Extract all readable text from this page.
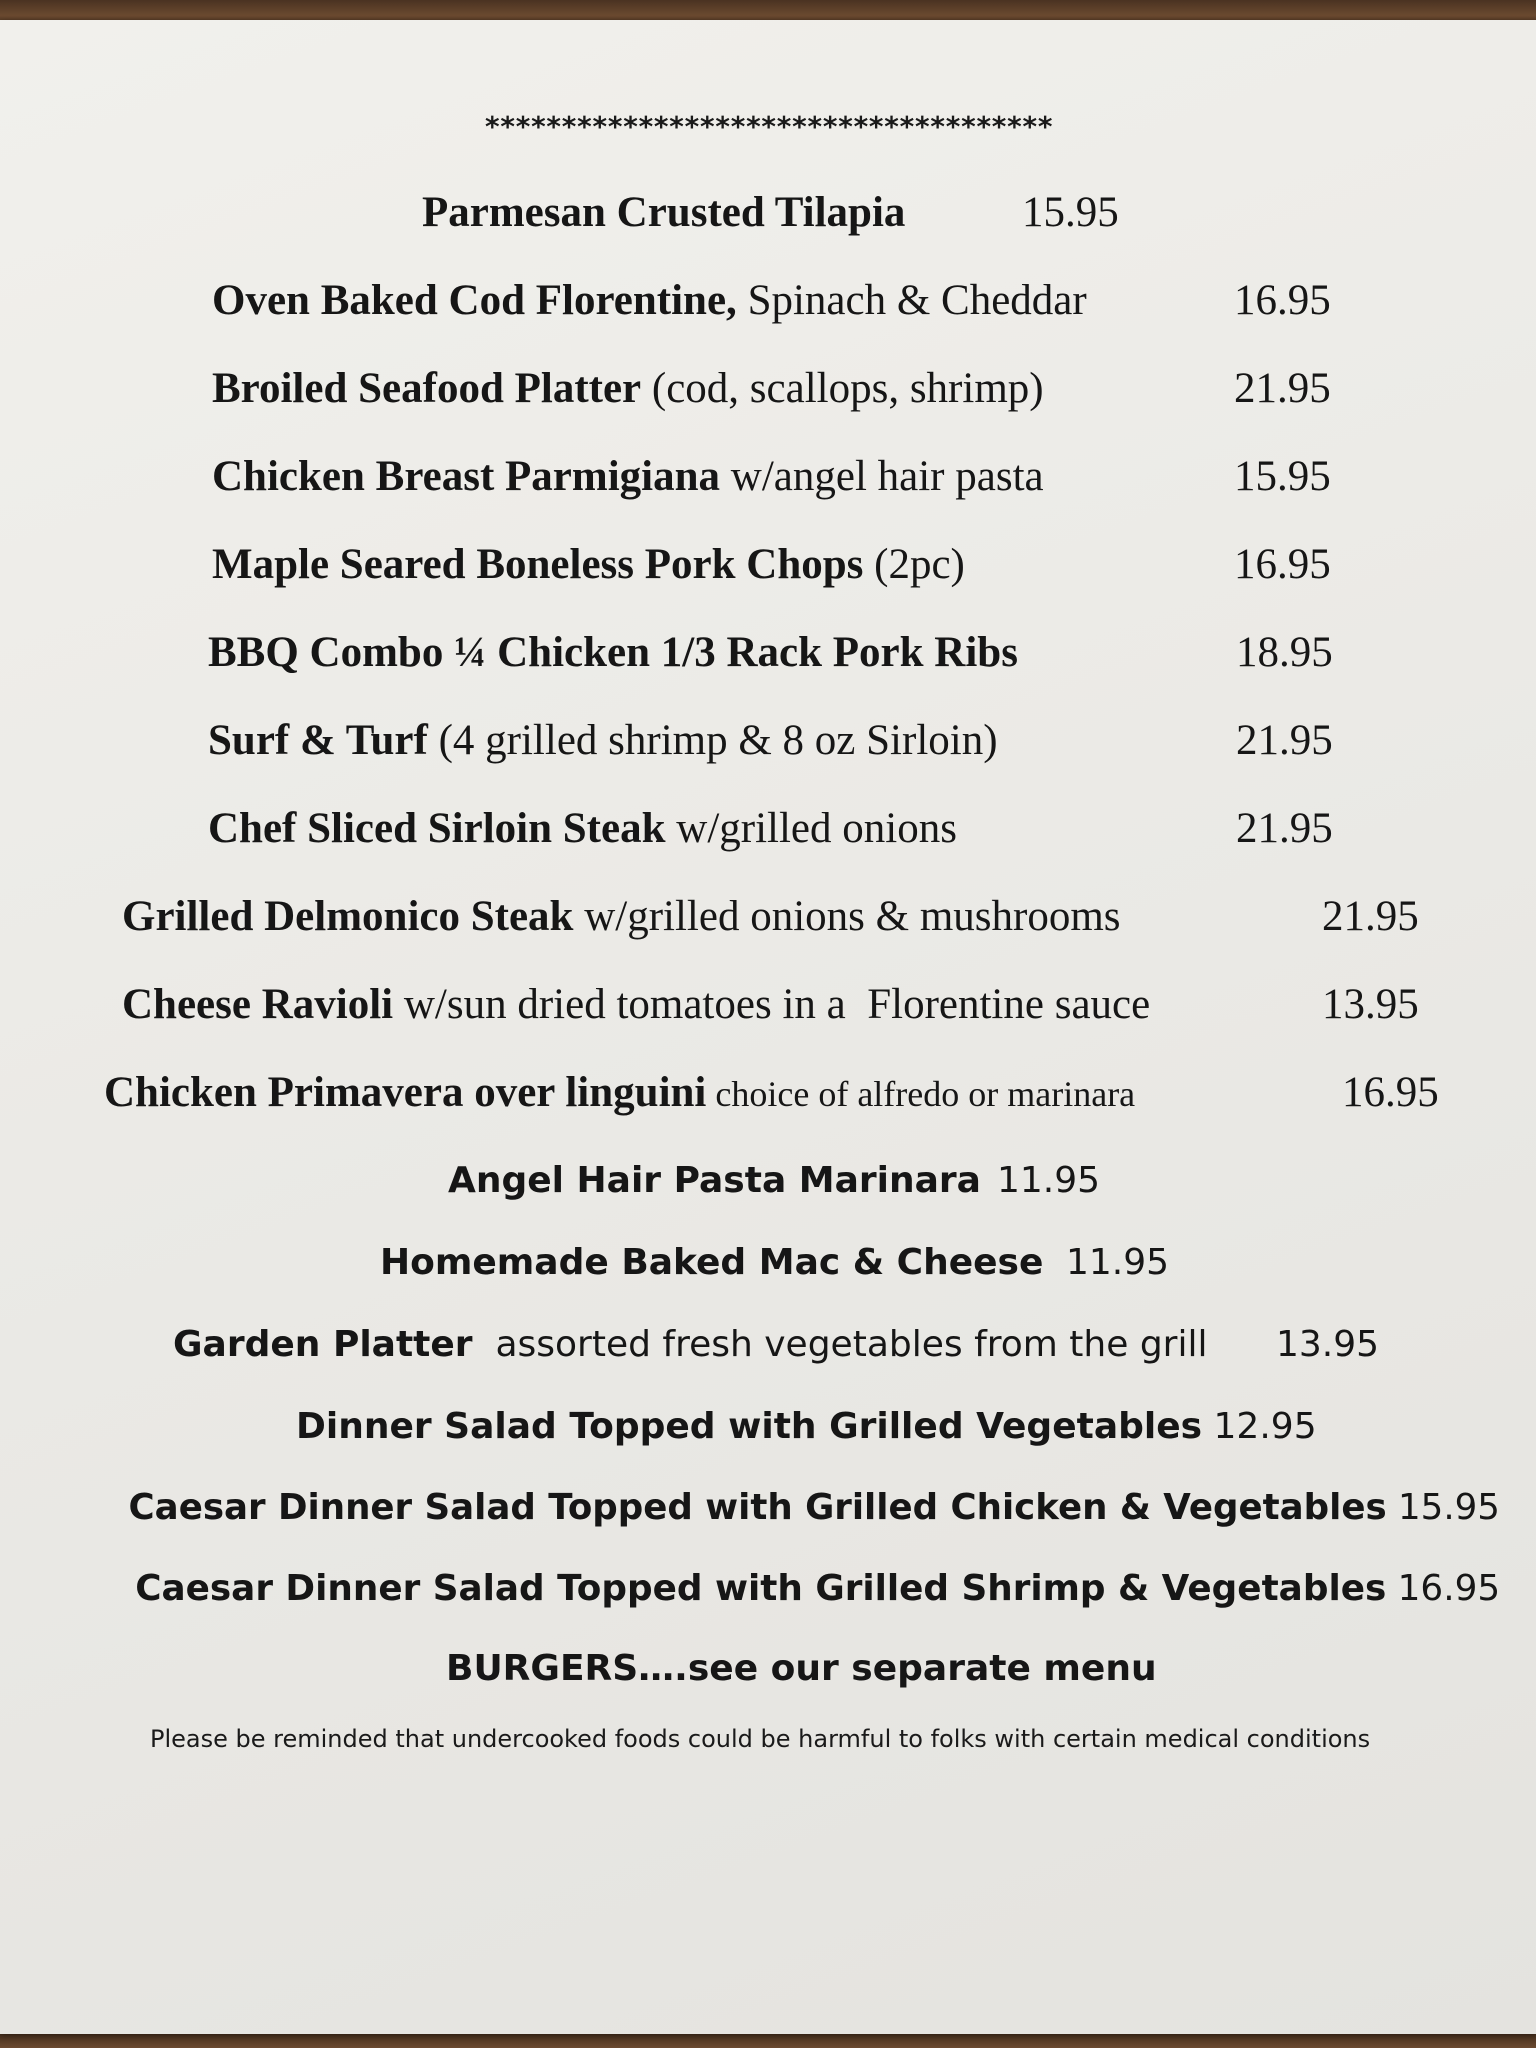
*************************************
Parmesan Crusted Tilapia	15.95
Oven Baked Cod Florentine, Spinach & Cheddar	16.95
Broiled Seafood Platter (cod, scallops, shrimp)	21.95
Chicken Breast Parmigiana w/angel hair pasta	15.95
Maple Seared Boneless Pork Chops (2pc)	16.95
BBQ Combo ¼ Chicken 1/3 Rack Pork Ribs	18.95
Surf & Turf (4 grilled shrimp & 8 oz Sirloin)	21.95
Chef Sliced Sirloin Steak w/grilled onions	21.95
Grilled Delmonico Steak w/grilled onions & mushrooms	21.95
Cheese Ravioli w/sun dried tomatoes in a  Florentine sauce	13.95
Chicken Primavera over linguini choice of alfredo or marinara	16.95
Angel Hair Pasta Marinara 11.95
Homemade Baked Mac & Cheese 11.95
Garden Platter  assorted fresh vegetables from the grill 13.95
Dinner Salad Topped with Grilled Vegetables 12.95
Caesar Dinner Salad Topped with Grilled Chicken & Vegetables 15.95
Caesar Dinner Salad Topped with Grilled Shrimp & Vegetables 16.95
BURGERS….see our separate menu
Please be reminded that undercooked foods could be harmful to folks with certain medical conditions
